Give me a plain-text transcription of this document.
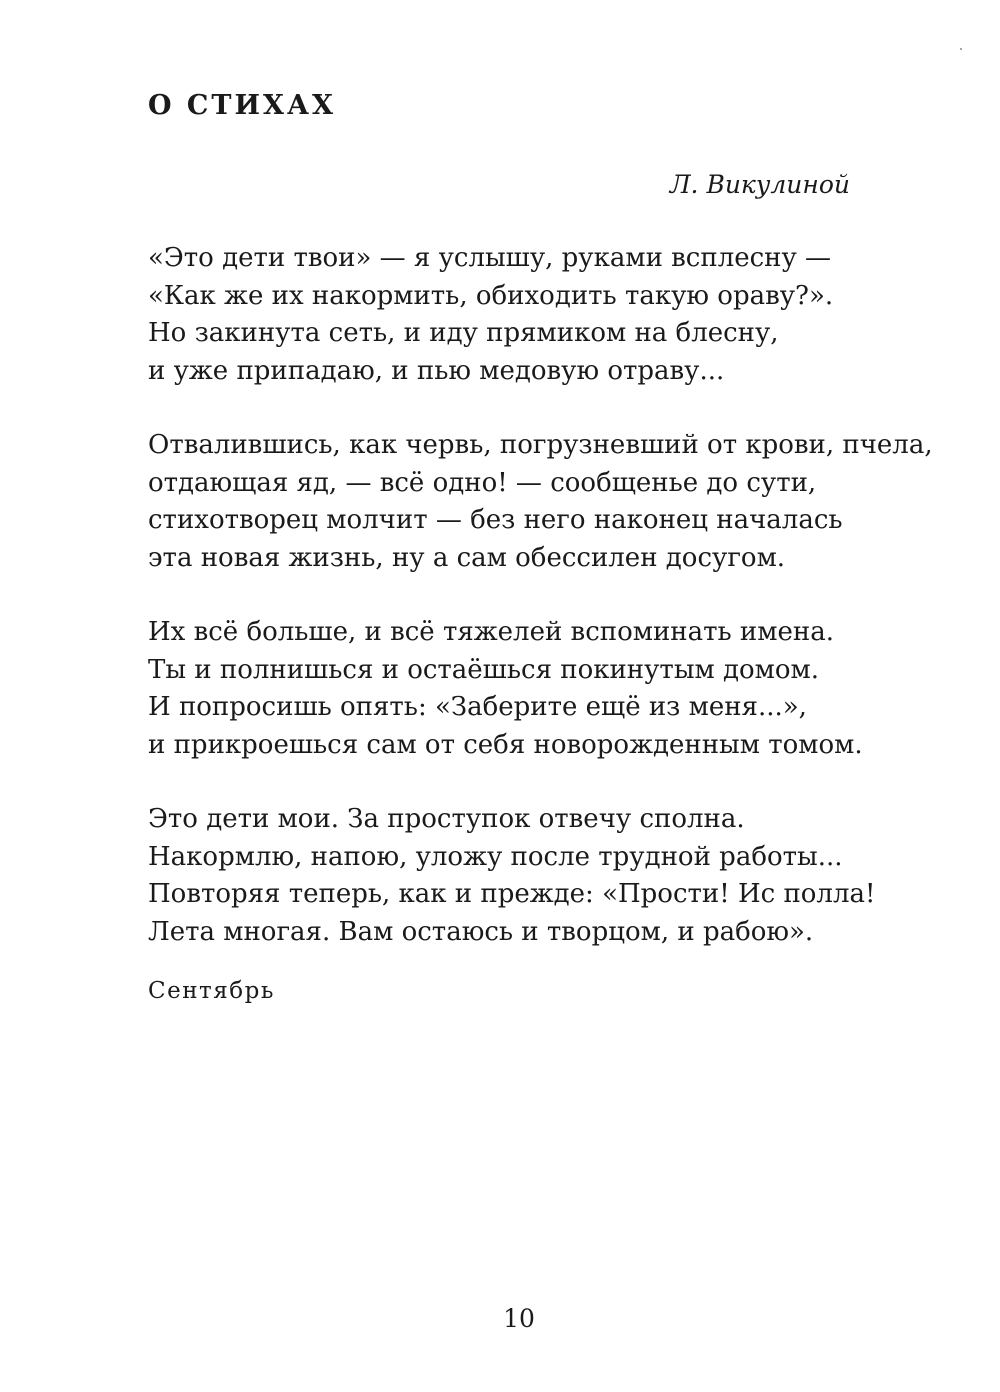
О СТИХАХ
Л. Викулиной
«Это дети твои» — я услышу, руками всплесну —
«Как же их накормить, обиходить такую ораву?».
Но закинута сеть, и иду прямиком на блесну,
и уже припадаю, и пью медовую отраву...
Отвалившись, как червь, погрузневший от крови, пчела,
отдающая яд, — всё одно! — сообщенье до сути,
стихотворец молчит — без него наконец началась
эта новая жизнь, ну а сам обессилен досугом.
Их всё больше, и всё тяжелей вспоминать имена.
Ты и полнишься и остаёшься покинутым домом.
И попросишь опять: «Заберите ещё из меня...»,
и прикроешься сам от себя новорожденным томом.
Это дети мои. За проступок отвечу сполна.
Накормлю, напою, уложу после трудной работы...
Повторяя теперь, как и прежде: «Прости! Ис полла!
Лета многая. Вам остаюсь и творцом, и рабою».
Сентябрь
10
